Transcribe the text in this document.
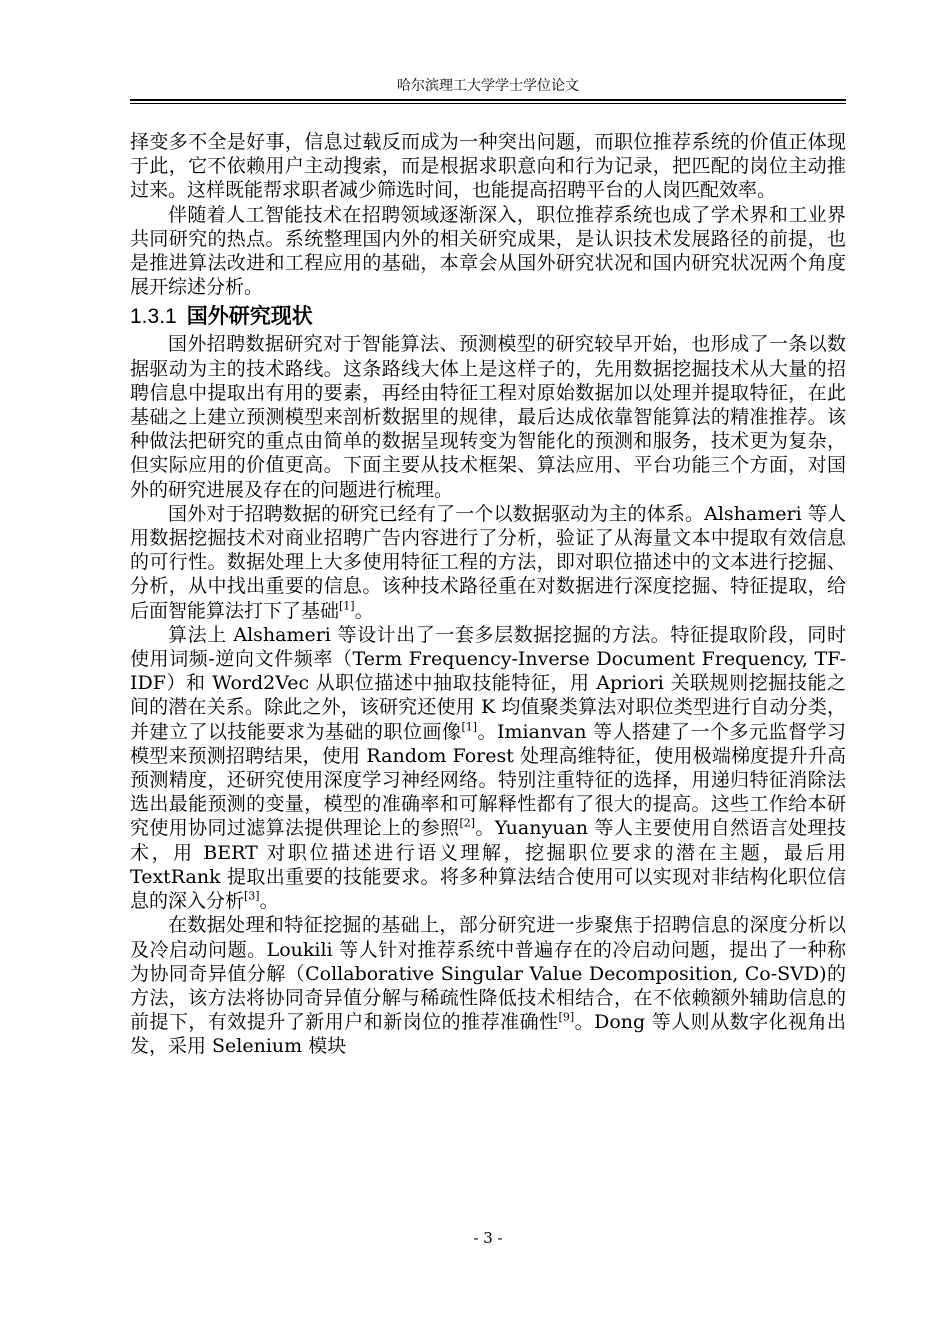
哈尔滨理工大学学士学位论文

择变多不全是好事，信息过载反而成为一种突出问题，而职位推荐系统的价值正体现于此，它不依赖用户主动搜索，而是根据求职意向和行为记录，把匹配的岗位主动推过来。这样既能帮求职者减少筛选时间，也能提高招聘平台的人岗匹配效率。

伴随着人工智能技术在招聘领域逐渐深入，职位推荐系统也成了学术界和工业界共同研究的热点。系统整理国内外的相关研究成果，是认识技术发展路径的前提，也是推进算法改进和工程应用的基础，本章会从国外研究状况和国内研究状况两个角度展开综述分析。

1.3.1 国外研究现状

国外招聘数据研究对于智能算法、预测模型的研究较早开始，也形成了一条以数据驱动为主的技术路线。这条路线大体上是这样子的，先用数据挖掘技术从大量的招聘信息中提取出有用的要素，再经由特征工程对原始数据加以处理并提取特征，在此基础之上建立预测模型来剖析数据里的规律，最后达成依靠智能算法的精准推荐。该种做法把研究的重点由简单的数据呈现转变为智能化的预测和服务，技术更为复杂，但实际应用的价值更高。下面主要从技术框架、算法应用、平台功能三个方面，对国外的研究进展及存在的问题进行梳理。

国外对于招聘数据的研究已经有了一个以数据驱动为主的体系。Alshameri 等人用数据挖掘技术对商业招聘广告内容进行了分析，验证了从海量文本中提取有效信息的可行性。数据处理上大多使用特征工程的方法，即对职位描述中的文本进行挖掘、分析，从中找出重要的信息。该种技术路径重在对数据进行深度挖掘、特征提取，给后面智能算法打下了基础[1]。

算法上 Alshameri 等设计出了一套多层数据挖掘的方法。特征提取阶段，同时使用词频-逆向文件频率（Term Frequency-Inverse Document Frequency, TF-IDF）和 Word2Vec 从职位描述中抽取技能特征，用 Apriori 关联规则挖掘技能之间的潜在关系。除此之外，该研究还使用 K 均值聚类算法对职位类型进行自动分类，并建立了以技能要求为基础的职位画像[1]。Imianvan 等人搭建了一个多元监督学习模型来预测招聘结果，使用 Random Forest 处理高维特征，使用极端梯度提升升高预测精度，还研究使用深度学习神经网络。特别注重特征的选择，用递归特征消除法选出最能预测的变量，模型的准确率和可解释性都有了很大的提高。这些工作给本研究使用协同过滤算法提供理论上的参照[2]。Yuanyuan 等人主要使用自然语言处理技术，用 BERT 对职位描述进行语义理解，挖掘职位要求的潜在主题，最后用 TextRank 提取出重要的技能要求。将多种算法结合使用可以实现对非结构化职位信息的深入分析[3]。

在数据处理和特征挖掘的基础上，部分研究进一步聚焦于招聘信息的深度分析以及冷启动问题。Loukili 等人针对推荐系统中普遍存在的冷启动问题，提出了一种称为协同奇异值分解（Collaborative Singular Value Decomposition, Co-SVD)的方法，该方法将协同奇异值分解与稀疏性降低技术相结合，在不依赖额外辅助信息的前提下，有效提升了新用户和新岗位的推荐准确性[9]。Dong 等人则从数字化视角出发，采用 Selenium 模块

- 3 -
